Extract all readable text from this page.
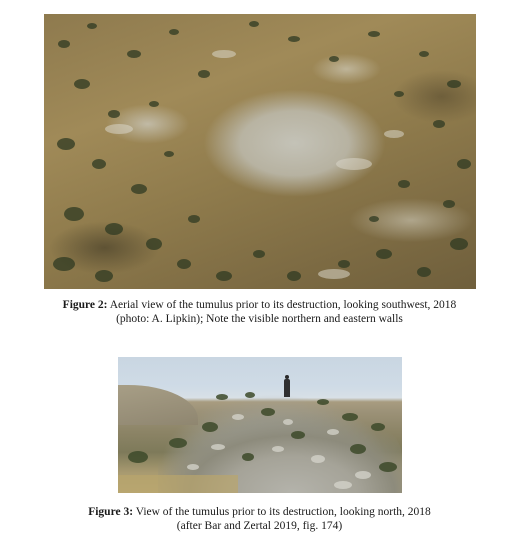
Figure 2: Aerial view of the tumulus prior to its destruction, looking southwest, 2018
(photo: A. Lipkin); Note the visible northern and eastern walls
Figure 3: View of the tumulus prior to its destruction, looking north, 2018
(after Bar and Zertal 2019, fig. 174)
